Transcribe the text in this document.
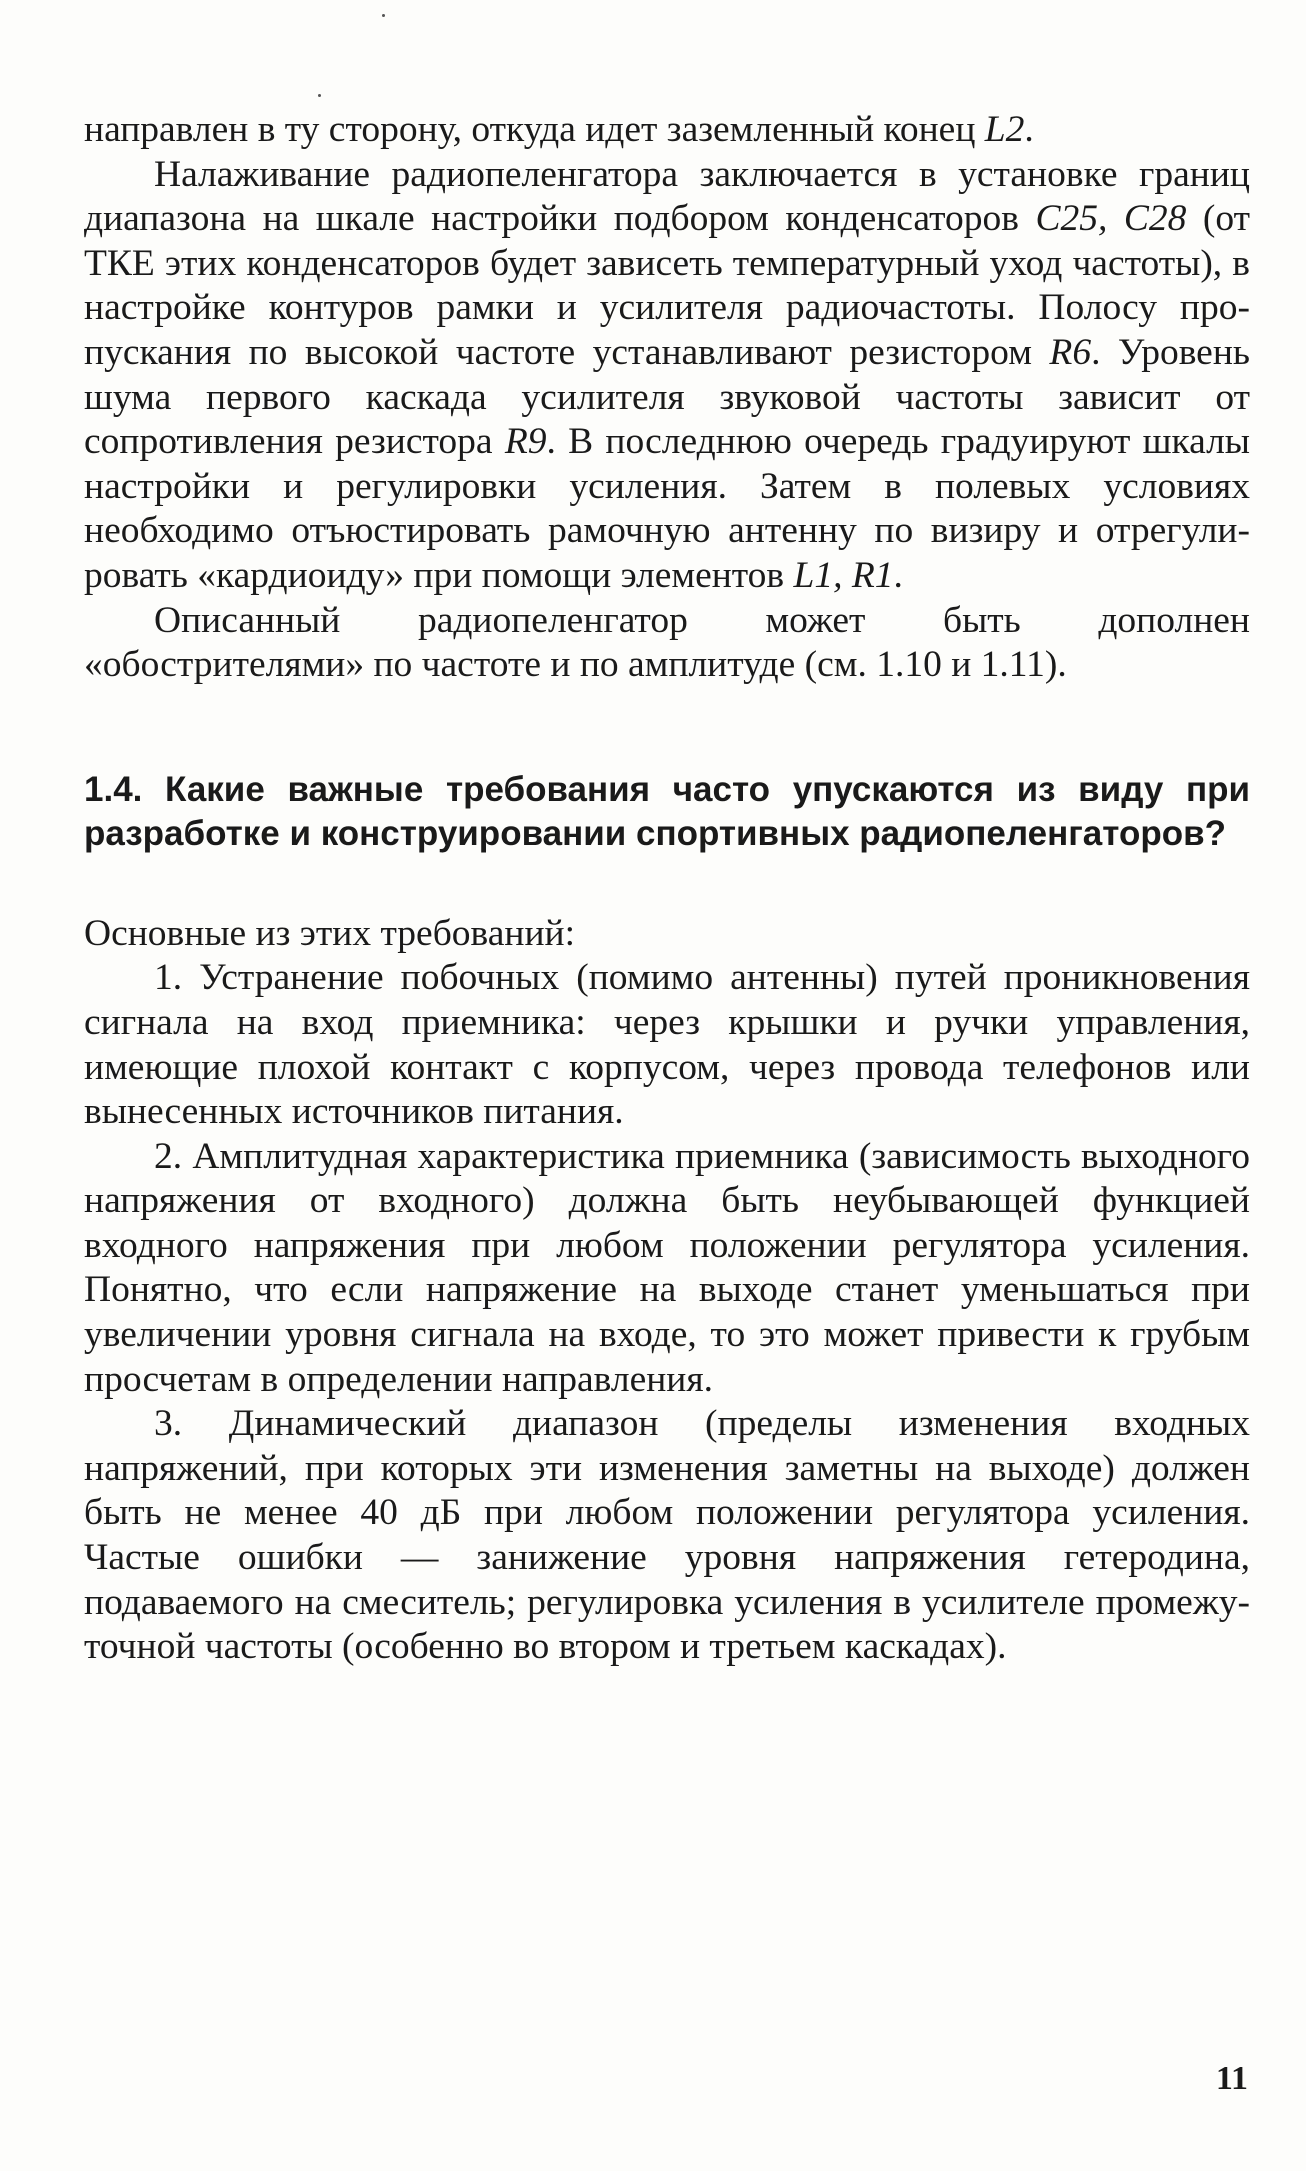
направлен в ту сторону, откуда идет заземленный конец L2.

Налаживание радиопеленгатора заключается в установке границ диапазона на шкале настройки подбором конденсаторов C25, C28 (от ТКЕ этих конденсаторов будет зависеть температурный уход частоты), в настройке контуров рамки и усилителя радиочастоты. Полосу пропускания по высокой частоте устанавливают резистором R6. Уровень шума первого каскада усилителя звуковой частоты зависит от сопротивления резистора R9. В последнюю очередь градуируют шкалы настройки и регулировки усиления. Затем в полевых условиях необходимо отъюстировать рамочную антенну по визиру и отрегулировать «кардиоиду» при помощи элементов L1, R1.

Описанный радиопеленгатор может быть дополнен «обострителями» по частоте и по амплитуде (см. 1.10 и 1.11).

1.4. Какие важные требования часто упускаются из виду при разработке и конструировании спортивных радиопеленгаторов?

Основные из этих требований:

1. Устранение побочных (помимо антенны) путей проникновения сигнала на вход приемника: через крышки и ручки управления, имеющие плохой контакт с корпусом, через провода телефонов или вынесенных источников питания.

2. Амплитудная характеристика приемника (зависимость выходного напряжения от входного) должна быть неубывающей функцией входного напряжения при любом положении регулятора усиления. Понятно, что если напряжение на выходе станет уменьшаться при увеличении уровня сигнала на входе, то это может привести к грубым просчетам в определении направления.

3. Динамический диапазон (пределы изменения входных напряжений, при которых эти изменения заметны на выходе) должен быть не менее 40 дБ при любом положении регулятора усиления. Частые ошибки — занижение уровня напряжения гетеродина, подаваемого на смеситель; регулировка усиления в усилителе промежуточной частоты (особенно во втором и третьем каскадах).

11
